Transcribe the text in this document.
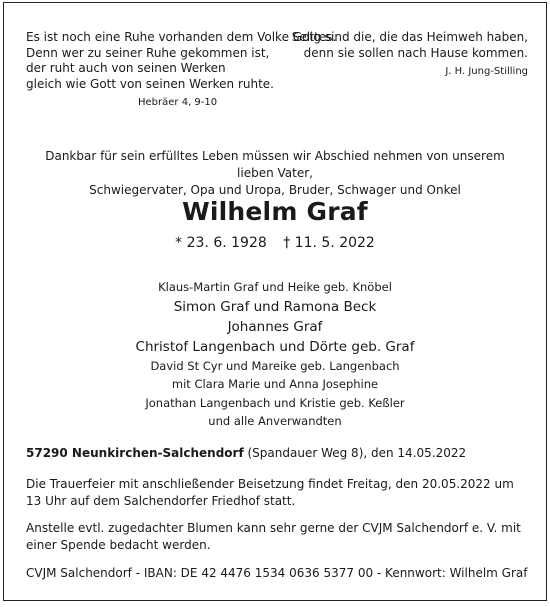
Es ist noch eine Ruhe vorhanden dem Volke Gottes.
Denn wer zu seiner Ruhe gekommen ist,
der ruht auch von seinen Werken
gleich wie Gott von seinen Werken ruhte.
Hebräer 4, 9-10
Selig sind die, die das Heimweh haben,
denn sie sollen nach Hause kommen.
J. H. Jung-Stilling
Dankbar für sein erfülltes Leben müssen wir Abschied nehmen von unserem lieben Vater,
Schwiegervater, Opa und Uropa, Bruder, Schwager und Onkel
Wilhelm Graf
* 23. 6. 1928 † 11. 5. 2022
Klaus-Martin Graf und Heike geb. Knöbel
Simon Graf und Ramona Beck
Johannes Graf
Christof Langenbach und Dörte geb. Graf
David St Cyr und Mareike geb. Langenbach
mit Clara Marie und Anna Josephine
Jonathan Langenbach und Kristie geb. Keßler
und alle Anverwandten
57290 Neunkirchen-Salchendorf (Spandauer Weg 8), den 14.05.2022
Die Trauerfeier mit anschließender Beisetzung findet Freitag, den 20.05.2022 um 13 Uhr auf dem Salchendorfer Friedhof statt.
Anstelle evtl. zugedachter Blumen kann sehr gerne der CVJM Salchendorf e. V. mit einer Spende bedacht werden.
CVJM Salchendorf - IBAN: DE 42 4476 1534 0636 5377 00 - Kennwort: Wilhelm Graf
